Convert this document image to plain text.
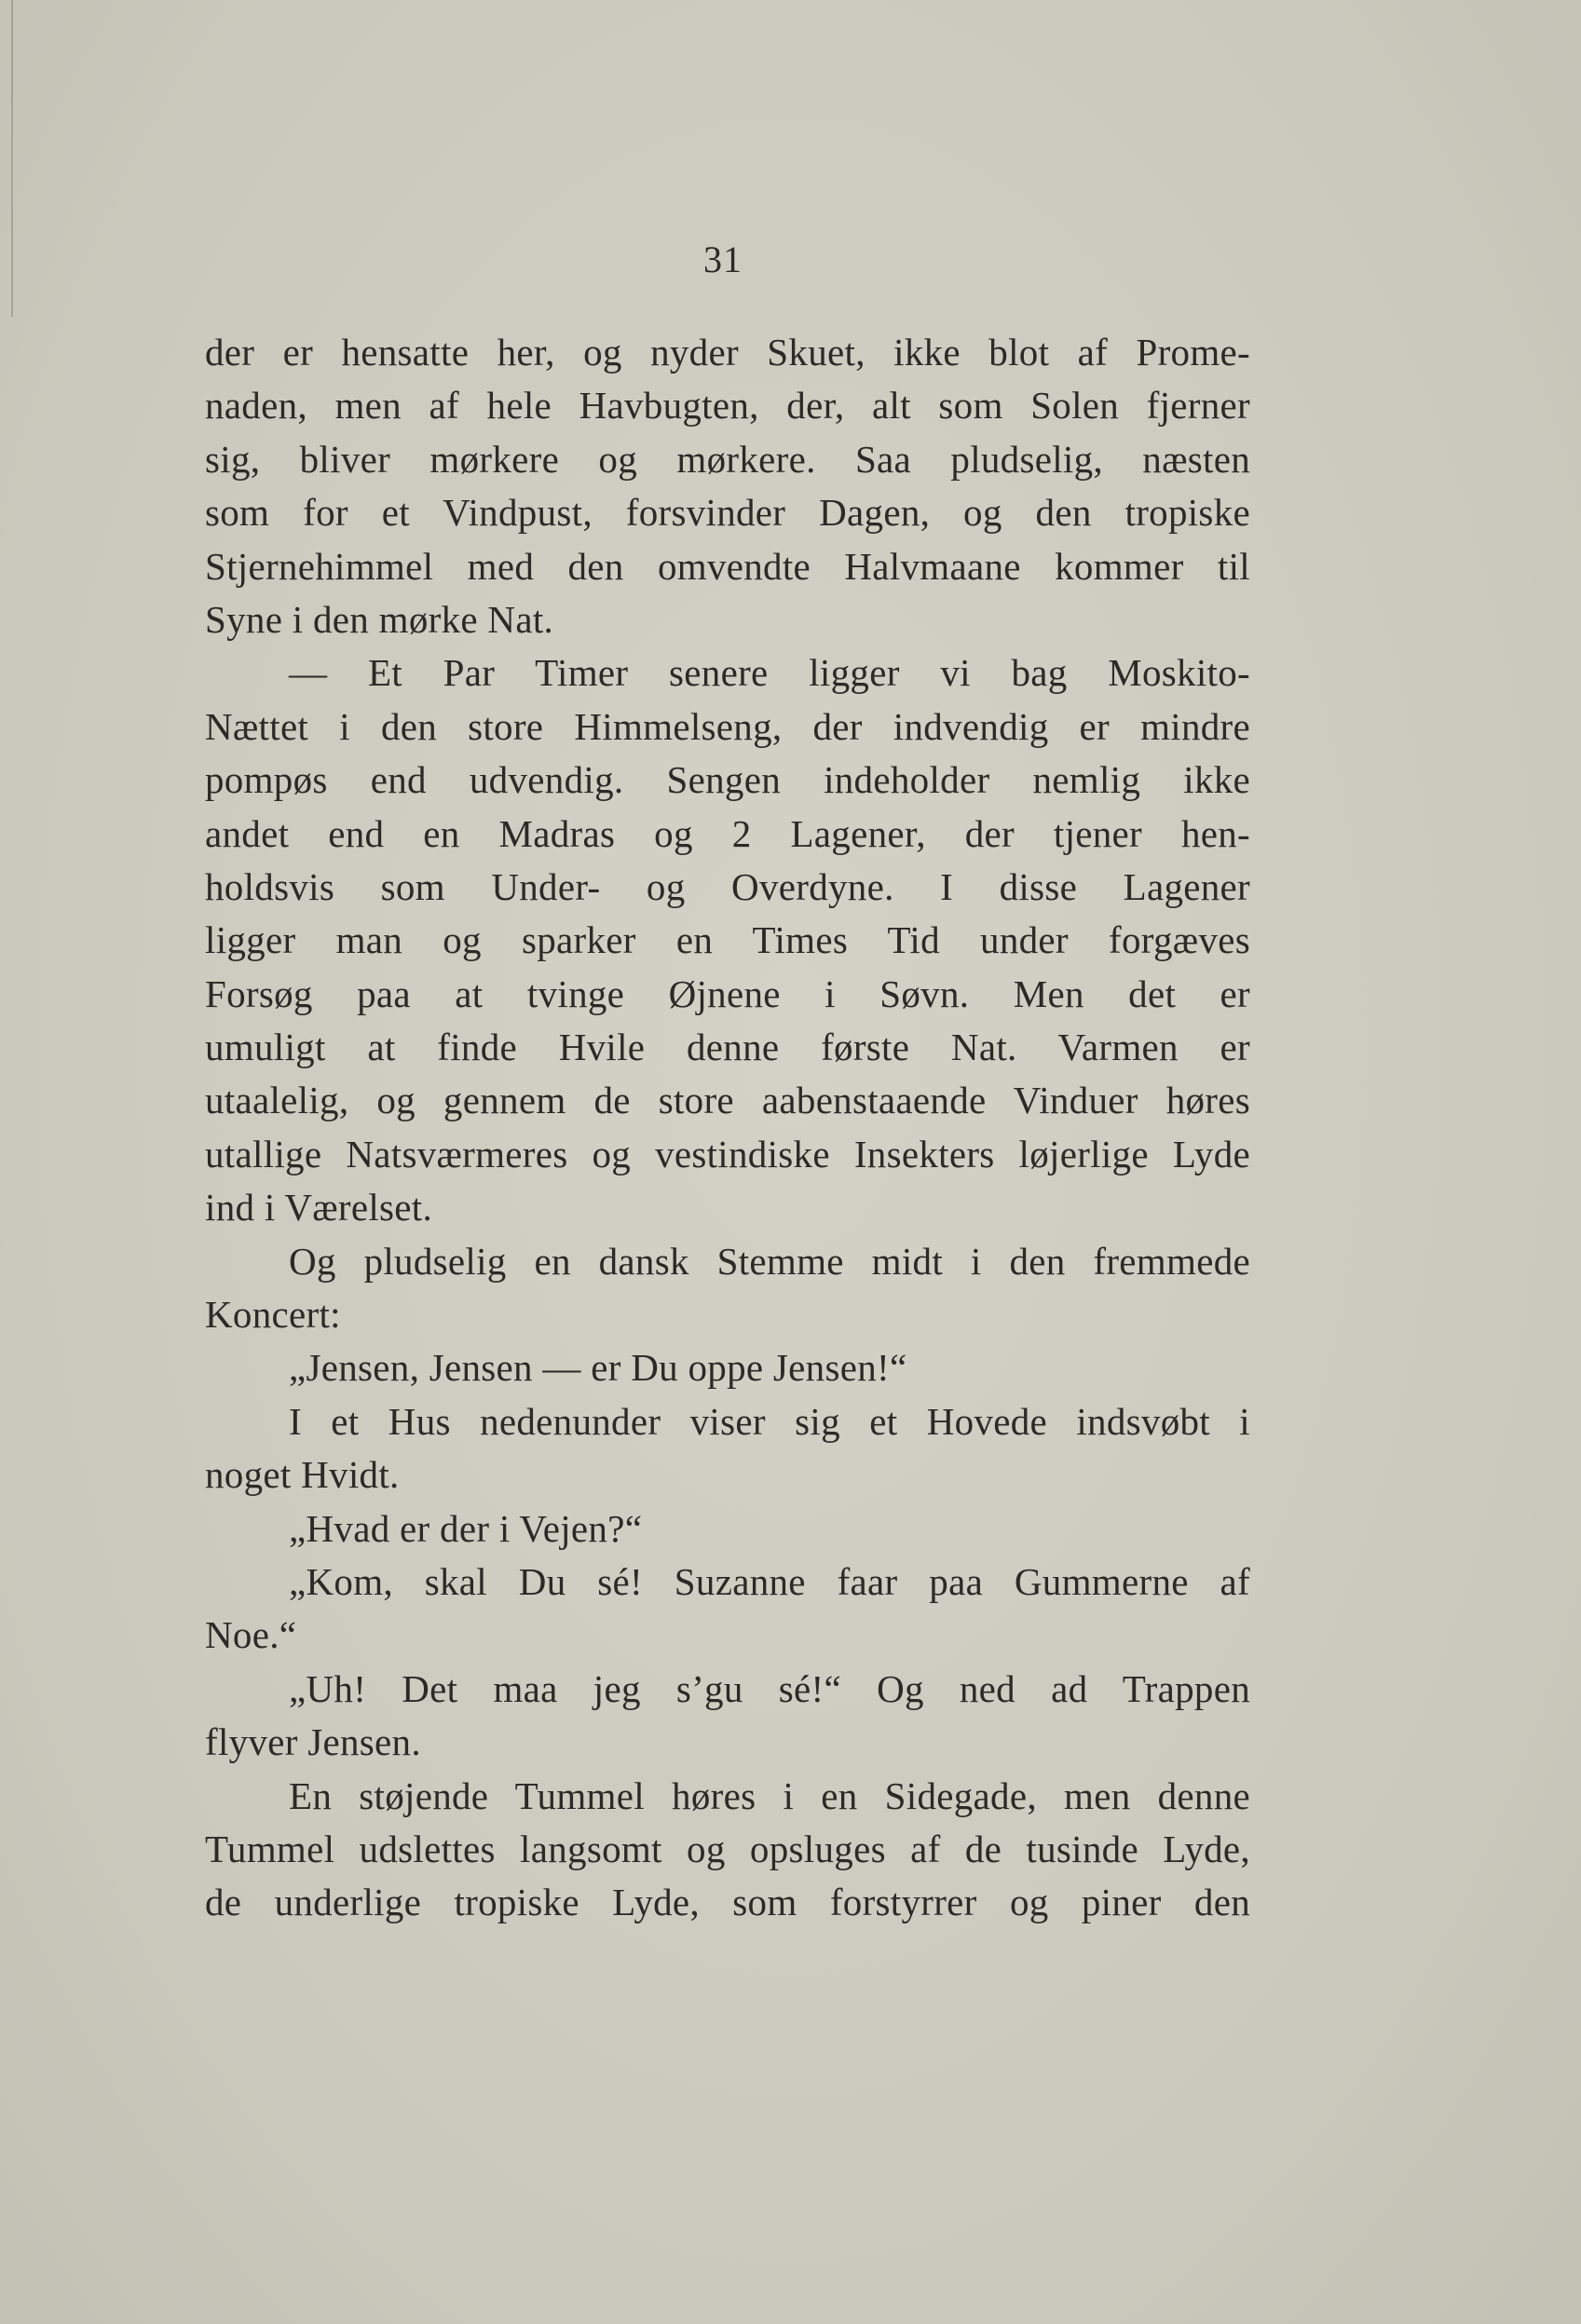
31
der er hensatte her, og nyder Skuet, ikke blot af Prome-
naden, men af hele Havbugten, der, alt som Solen fjerner
sig, bliver mørkere og mørkere. Saa pludselig, næsten
som for et Vindpust, forsvinder Dagen, og den tropiske
Stjernehimmel med den omvendte Halvmaane kommer til
Syne i den mørke Nat.
— Et Par Timer senere ligger vi bag Moskito-
Nættet i den store Himmelseng, der indvendig er mindre
pompøs end udvendig. Sengen indeholder nemlig ikke
andet end en Madras og 2 Lagener, der tjener hen-
holdsvis som Under- og Overdyne. I disse Lagener
ligger man og sparker en Times Tid under forgæves
Forsøg paa at tvinge Øjnene i Søvn. Men det er
umuligt at finde Hvile denne første Nat. Varmen er
utaalelig, og gennem de store aabenstaaende Vinduer høres
utallige Natsværmeres og vestindiske Insekters løjerlige Lyde
ind i Værelset.
Og pludselig en dansk Stemme midt i den fremmede
Koncert:
„Jensen, Jensen — er Du oppe Jensen!“
I et Hus nedenunder viser sig et Hovede indsvøbt i
noget Hvidt.
„Hvad er der i Vejen?“
„Kom, skal Du sé! Suzanne faar paa Gummerne af
Noe.“
„Uh! Det maa jeg s’gu sé!“ Og ned ad Trappen
flyver Jensen.
En støjende Tummel høres i en Sidegade, men denne
Tummel udslettes langsomt og opsluges af de tusinde Lyde,
de underlige tropiske Lyde, som forstyrrer og piner den
